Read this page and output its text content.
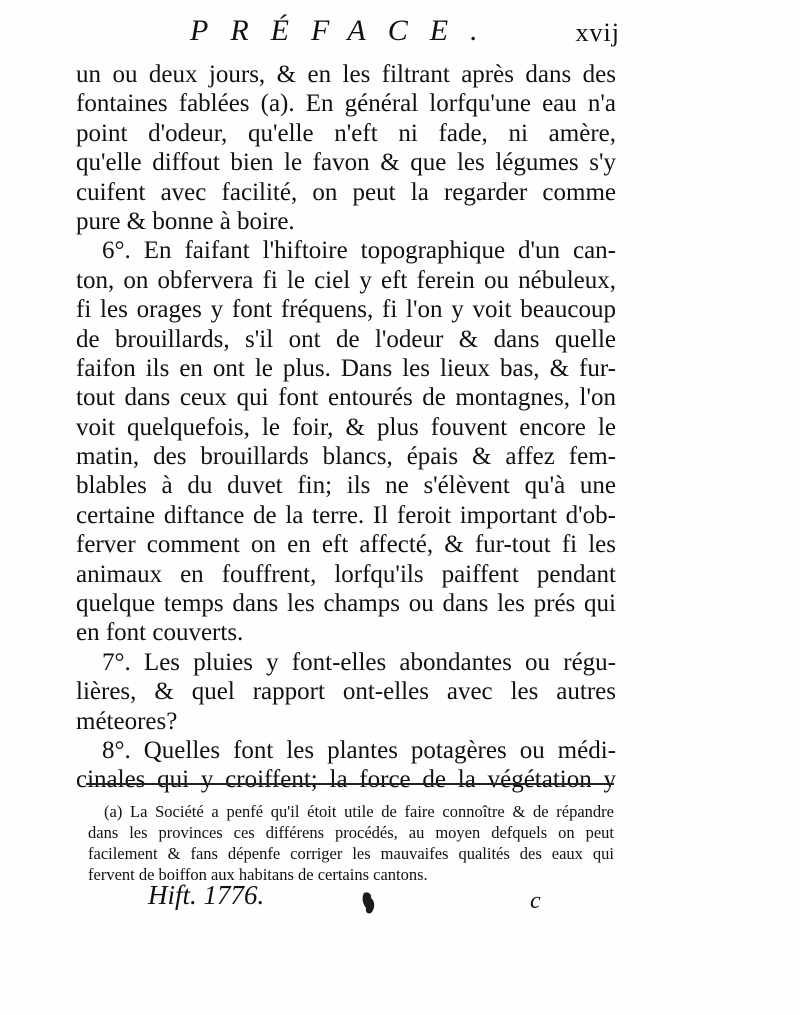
PRÉFACE.	xvij
un ou deux jours, & en les filtrant après dans des
fontaines fablées (a). En général lorfqu'une eau n'a
point d'odeur, qu'elle n'eft ni fade, ni amère,
qu'elle diffout bien le favon & que les légumes s'y
cuifent avec facilité, on peut la regarder comme
pure & bonne à boire.
6°. En faifant l'hiftoire topographique d'un can-
ton, on obfervera fi le ciel y eft ferein ou nébuleux,
fi les orages y font fréquens, fi l'on y voit beaucoup
de brouillards, s'il ont de l'odeur & dans quelle
faifon ils en ont le plus. Dans les lieux bas, & fur-
tout dans ceux qui font entourés de montagnes, l'on
voit quelquefois, le foir, & plus fouvent encore le
matin, des brouillards blancs, épais & affez fem-
blables à du duvet fin; ils ne s'élèvent qu'à une
certaine diftance de la terre. Il feroit important d'ob-
ferver comment on en eft affecté, & fur-tout fi les
animaux en fouffrent, lorfqu'ils paiffent pendant
quelque temps dans les champs ou dans les prés qui
en font couverts.
7°. Les pluies y font-elles abondantes ou régu-
lières, & quel rapport ont-elles avec les autres
méteores?
8°. Quelles font les plantes potagères ou médi-
cinales qui y croiffent; la force de la végétation y
(a) La Société a penfé qu'il étoit utile de faire connoître & de répandre
dans les provinces ces différens procédés, au moyen defquels on peut
facilement & fans dépenfe corriger les mauvaifes qualités des eaux qui
fervent de boiffon aux habitans de certains cantons.
Hift. 1776.	c
